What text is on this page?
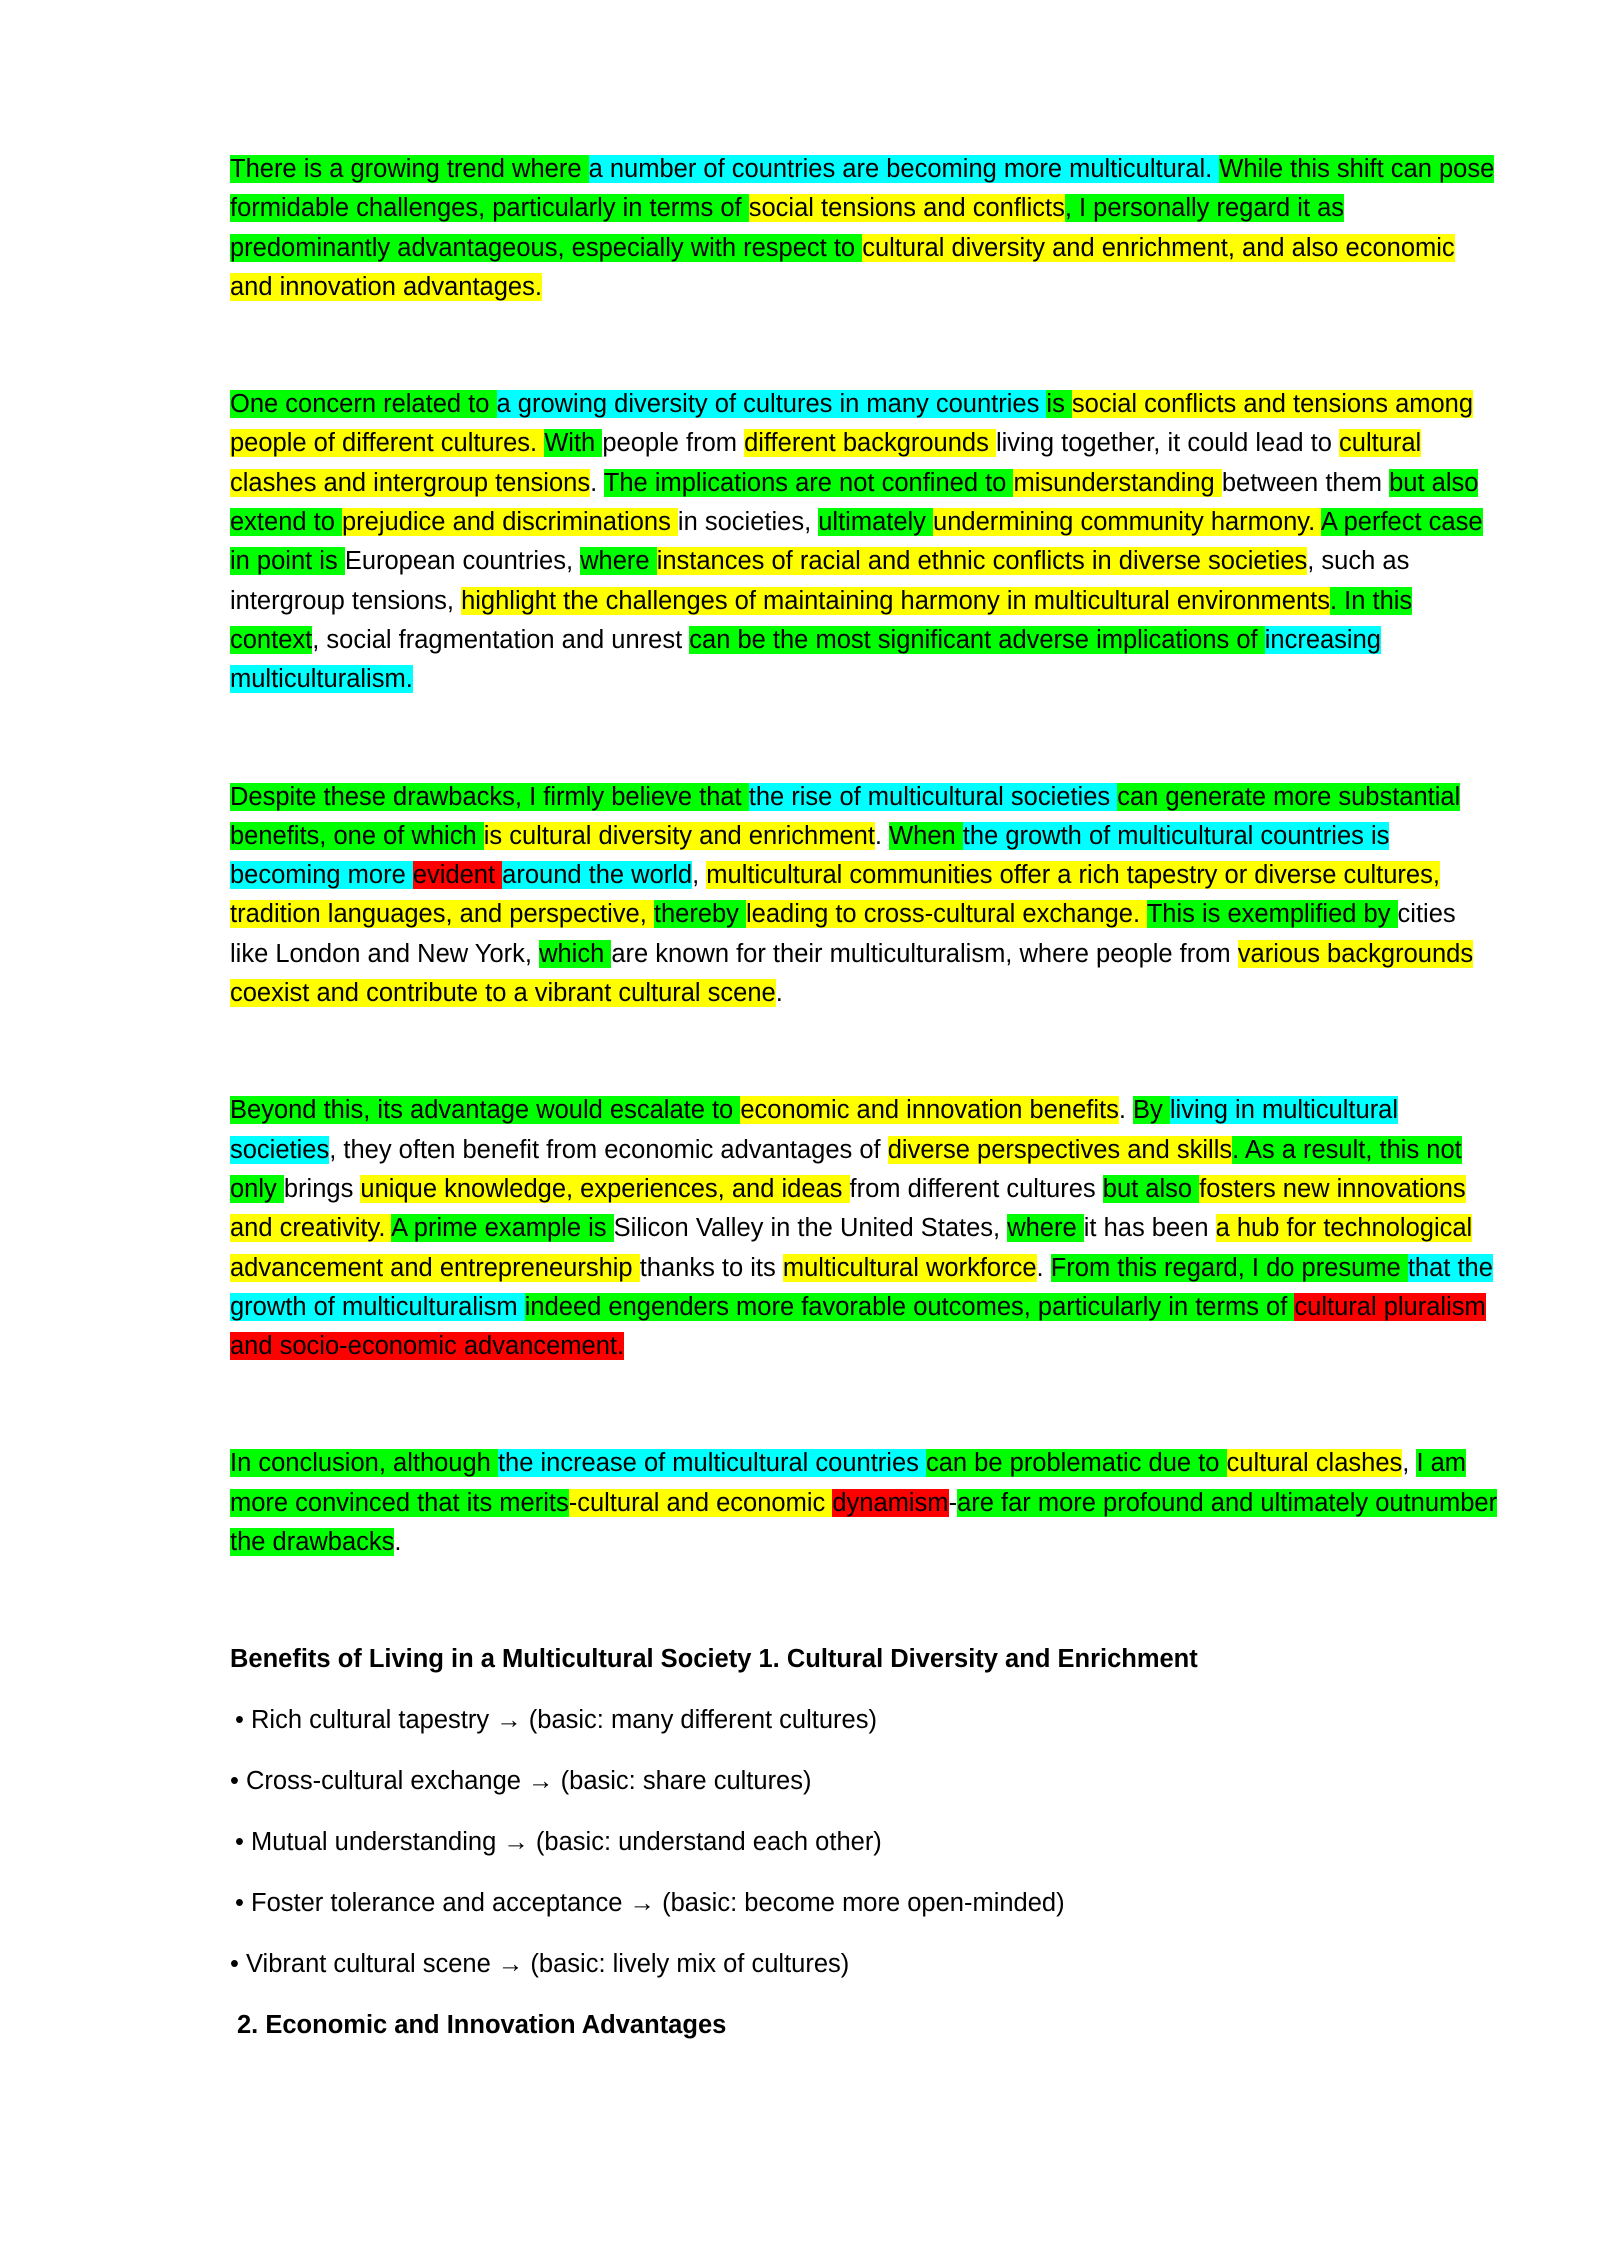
There is a growing trend where a number of countries are becoming more multicultural. While this shift can pose formidable challenges, particularly in terms of social tensions and conflicts, I personally regard it as predominantly advantageous, especially with respect to cultural diversity and enrichment, and also economic and innovation advantages.

One concern related to a growing diversity of cultures in many countries is social conflicts and tensions among people of different cultures. With people from different backgrounds living together, it could lead to cultural clashes and intergroup tensions. The implications are not confined to misunderstanding between them but also extend to prejudice and discriminations in societies, ultimately undermining community harmony. A perfect case in point is European countries, where instances of racial and ethnic conflicts in diverse societies, such as intergroup tensions, highlight the challenges of maintaining harmony in multicultural environments. In this context, social fragmentation and unrest can be the most significant adverse implications of increasing multiculturalism.

Despite these drawbacks, I firmly believe that the rise of multicultural societies can generate more substantial benefits, one of which is cultural diversity and enrichment. When the growth of multicultural countries is becoming more evident around the world, multicultural communities offer a rich tapestry or diverse cultures, tradition languages, and perspective, thereby leading to cross-cultural exchange. This is exemplified by cities like London and New York, which are known for their multiculturalism, where people from various backgrounds coexist and contribute to a vibrant cultural scene.

Beyond this, its advantage would escalate to economic and innovation benefits. By living in multicultural societies, they often benefit from economic advantages of diverse perspectives and skills. As a result, this not only brings unique knowledge, experiences, and ideas from different cultures but also fosters new innovations and creativity. A prime example is Silicon Valley in the United States, where it has been a hub for technological advancement and entrepreneurship thanks to its multicultural workforce. From this regard, I do presume that the growth of multiculturalism indeed engenders more favorable outcomes, particularly in terms of cultural pluralism and socio-economic advancement.

In conclusion, although the increase of multicultural countries can be problematic due to cultural clashes, I am more convinced that its merits-cultural and economic dynamism-are far more profound and ultimately outnumber the drawbacks.

Benefits of Living in a Multicultural Society 1. Cultural Diversity and Enrichment
• Rich cultural tapestry → (basic: many different cultures)
• Cross-cultural exchange → (basic: share cultures)
• Mutual understanding → (basic: understand each other)
• Foster tolerance and acceptance → (basic: become more open-minded)
• Vibrant cultural scene → (basic: lively mix of cultures)
2. Economic and Innovation Advantages
